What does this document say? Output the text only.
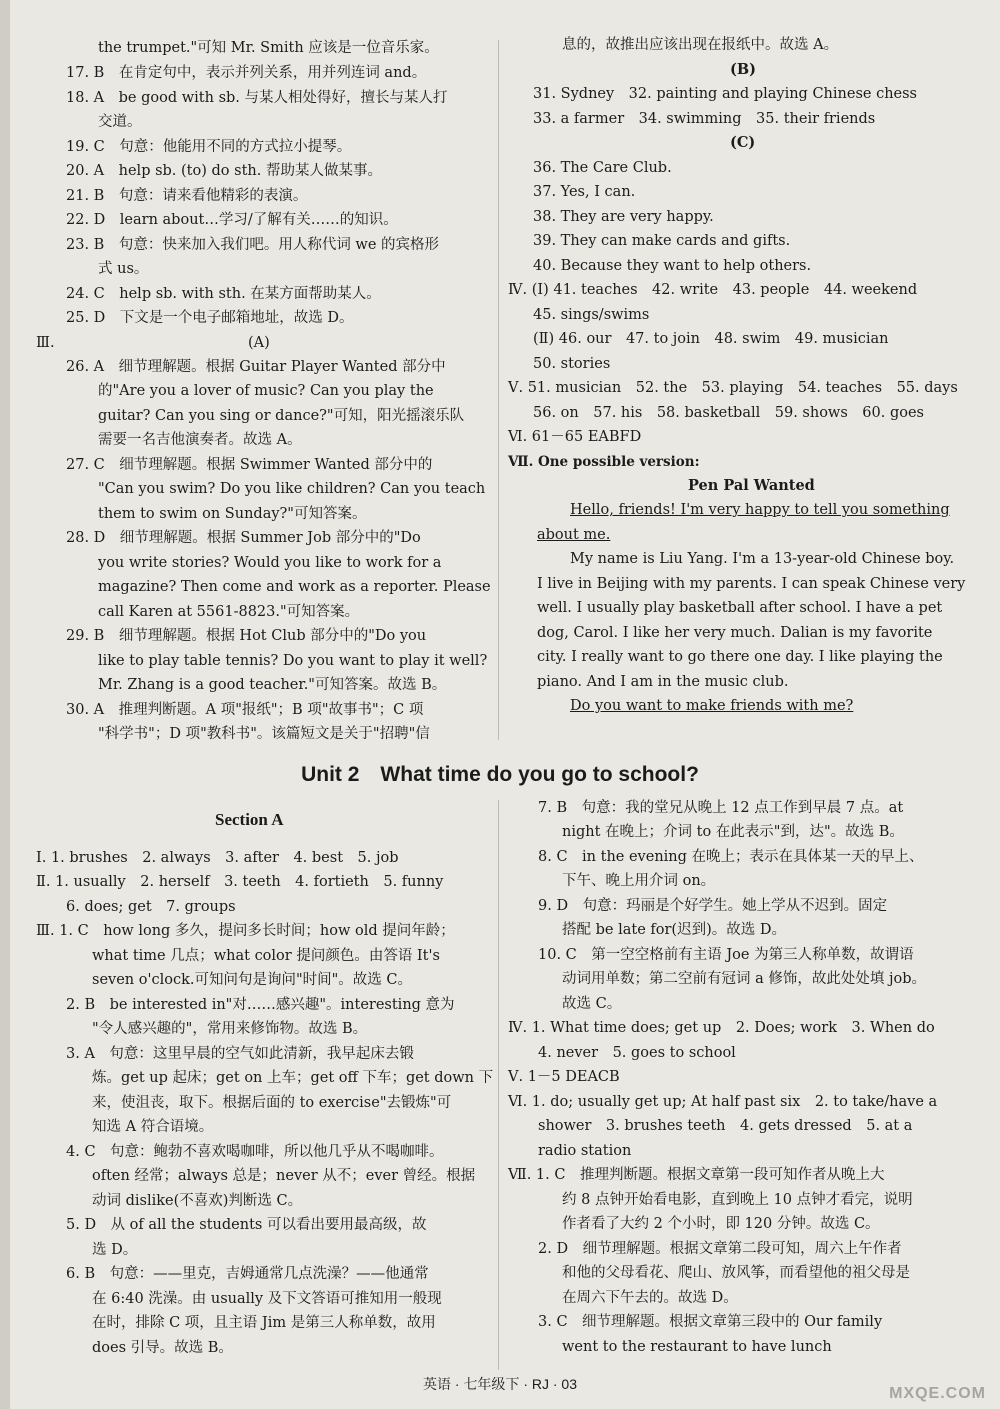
the trumpet."可知 Mr. Smith 应该是一位音乐家。
17. B　在肯定句中，表示并列关系，用并列连词 and。
18. A　be good with sb. 与某人相处得好，擅长与某人打
交道。
19. C　句意：他能用不同的方式拉小提琴。
20. A　help sb. (to) do sth. 帮助某人做某事。
21. B　句意：请来看他精彩的表演。
22. D　learn about…学习/了解有关……的知识。
23. B　句意：快来加入我们吧。用人称代词 we 的宾格形
式 us。
24. C　help sb. with sth. 在某方面帮助某人。
25. D　下文是一个电子邮箱地址，故选 D。
Ⅲ.	(A)
26. A　细节理解题。根据 Guitar Player Wanted 部分中
的"Are you a lover of music? Can you play the
guitar? Can you sing or dance?"可知，阳光摇滚乐队
需要一名吉他演奏者。故选 A。
27. C　细节理解题。根据 Swimmer Wanted 部分中的
"Can you swim? Do you like children? Can you teach
them to swim on Sunday?"可知答案。
28. D　细节理解题。根据 Summer Job 部分中的"Do
you write stories? Would you like to work for a
magazine? Then come and work as a reporter. Please
call Karen at 5561-8823."可知答案。
29. B　细节理解题。根据 Hot Club 部分中的"Do you
like to play table tennis? Do you want to play it well?
Mr. Zhang is a good teacher."可知答案。故选 B。
30. A　推理判断题。A 项"报纸"；B 项"故事书"；C 项
"科学书"；D 项"教科书"。该篇短文是关于"招聘"信
息的，故推出应该出现在报纸中。故选 A。
(B)
31. Sydney　32. painting and playing Chinese chess
33. a farmer　34. swimming　35. their friends
(C)
36. The Care Club.
37. Yes, I can.
38. They are very happy.
39. They can make cards and gifts.
40. Because they want to help others.
Ⅳ. (Ⅰ) 41. teaches　42. write　43. people　44. weekend
45. sings/swims
(Ⅱ) 46. our　47. to join　48. swim　49. musician
50. stories
Ⅴ. 51. musician　52. the　53. playing　54. teaches　55. days
56. on　57. his　58. basketball　59. shows　60. goes
Ⅵ. 61－65 EABFD
Ⅶ. One possible version:
Pen Pal Wanted
Hello, friends! I'm very happy to tell you something
about me.
My name is Liu Yang. I'm a 13-year-old Chinese boy.
I live in Beijing with my parents. I can speak Chinese very
well. I usually play basketball after school. I have a pet
dog, Carol. I like her very much. Dalian is my favorite
city. I really want to go there one day. I like playing the
piano. And I am in the music club.
Do you want to make friends with me?
Unit 2　What time do you go to school?
Section A
Ⅰ. 1. brushes　2. always　3. after　4. best　5. job
Ⅱ. 1. usually　2. herself　3. teeth　4. fortieth　5. funny
6. does; get　7. groups
Ⅲ. 1. C　how long 多久，提问多长时间；how old 提问年龄；
what time 几点；what color 提问颜色。由答语 It's
seven o'clock.可知问句是询问"时间"。故选 C。
2. B　be interested in"对……感兴趣"。interesting 意为
"令人感兴趣的"，常用来修饰物。故选 B。
3. A　句意：这里早晨的空气如此清新，我早起床去锻
炼。get up 起床；get on 上车；get off 下车；get down 下
来，使沮丧，取下。根据后面的 to exercise"去锻炼"可
知选 A 符合语境。
4. C　句意：鲍勃不喜欢喝咖啡，所以他几乎从不喝咖啡。
often 经常；always 总是；never 从不；ever 曾经。根据
动词 dislike(不喜欢)判断选 C。
5. D　从 of all the students 可以看出要用最高级，故
选 D。
6. B　句意：——里克，吉姆通常几点洗澡？——他通常
在 6:40 洗澡。由 usually 及下文答语可推知用一般现
在时，排除 C 项，且主语 Jim 是第三人称单数，故用
does 引导。故选 B。
7. B　句意：我的堂兄从晚上 12 点工作到早晨 7 点。at
night 在晚上；介词 to 在此表示"到，达"。故选 B。
8. C　in the evening 在晚上；表示在具体某一天的早上、
下午、晚上用介词 on。
9. D　句意：玛丽是个好学生。她上学从不迟到。固定
搭配 be late for(迟到)。故选 D。
10. C　第一空空格前有主语 Joe 为第三人称单数，故谓语
动词用单数；第二空前有冠词 a 修饰，故此处处填 job。
故选 C。
Ⅳ. 1. What time does; get up　2. Does; work　3. When do
4. never　5. goes to school
Ⅴ. 1－5 DEACB
Ⅵ. 1. do; usually get up; At half past six　2. to take/have a
shower　3. brushes teeth　4. gets dressed　5. at a
radio station
Ⅶ. 1. C　推理判断题。根据文章第一段可知作者从晚上大
约 8 点钟开始看电影，直到晚上 10 点钟才看完，说明
作者看了大约 2 个小时，即 120 分钟。故选 C。
2. D　细节理解题。根据文章第二段可知，周六上午作者
和他的父母看花、爬山、放风筝，而看望他的祖父母是
在周六下午去的。故选 D。
3. C　细节理解题。根据文章第三段中的 Our family
went to the restaurant to have lunch
英语 · 七年级下 · RJ · 03
MXQE.COM
